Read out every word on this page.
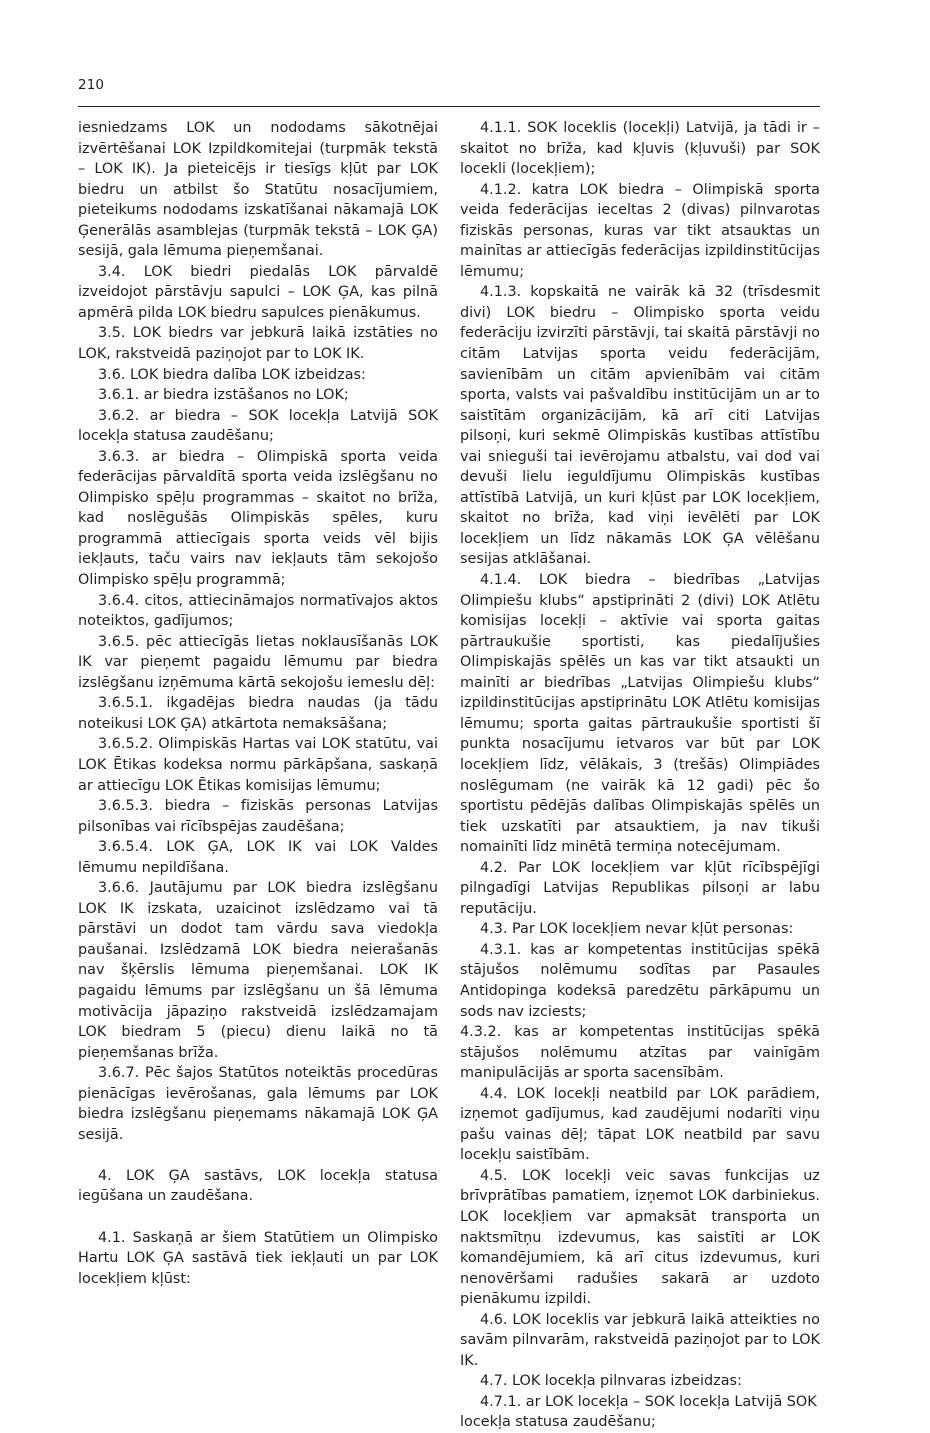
210

iesniedzams LOK un nododams sākotnējai izvērtēšanai LOK Izpildkomitejai (turpmāk tekstā – LOK IK). Ja pieteicējs ir tiesīgs kļūt par LOK biedru un atbilst šo Statūtu nosacījumiem, pieteikums nododams izskatīšanai nākamajā LOK Ģenerālās asamblejas (turpmāk tekstā – LOK ĢA) sesijā, gala lēmuma pieņemšanai.

3.4. LOK biedri piedalās LOK pārvaldē izveidojot pārstāvju sapulci – LOK ĢA, kas pilnā apmērā pilda LOK biedru sapulces pienākumus.

3.5. LOK biedrs var jebkurā laikā izstāties no LOK, rakstveidā paziņojot par to LOK IK.

3.6. LOK biedra dalība LOK izbeidzas:

3.6.1. ar biedra izstāšanos no LOK;

3.6.2. ar biedra – SOK locekļa Latvijā SOK locekļa statusa zaudēšanu;

3.6.3. ar biedra – Olimpiskā sporta veida federācijas pārvaldītā sporta veida izslēgšanu no Olimpisko spēļu programmas – skaitot no brīža, kad noslēgušās Olimpiskās spēles, kuru programmā attiecīgais sporta veids vēl bijis iekļauts, taču vairs nav iekļauts tām sekojošo Olimpisko spēļu programmā;

3.6.4. citos, attiecināmajos normatīvajos aktos noteiktos, gadījumos;

3.6.5. pēc attiecīgās lietas noklausīšanās LOK IK var pieņemt pagaidu lēmumu par biedra izslēgšanu izņēmuma kārtā sekojošu iemeslu dēļ:

3.6.5.1. ikgadējas biedra naudas (ja tādu noteikusi LOK ĢA) atkārtota nemaksāšana;

3.6.5.2. Olimpiskās Hartas vai LOK statūtu, vai LOK Ētikas kodeksa normu pārkāpšana, saskaņā ar attiecīgu LOK Ētikas komisijas lēmumu;

3.6.5.3. biedra – fiziskās personas Latvijas pilsonības vai rīcībspējas zaudēšana;

3.6.5.4. LOK ĢA, LOK IK vai LOK Valdes lēmumu nepildīšana.

3.6.6. Jautājumu par LOK biedra izslēgšanu LOK IK izskata, uzaicinot izslēdzamo vai tā pārstāvi un dodot tam vārdu sava viedokļa paušanai. Izslēdzamā LOK biedra neierašanās nav šķērslis lēmuma pieņemšanai. LOK IK pagaidu lēmums par izslēgšanu un šā lēmuma motivācija jāpaziņo rakstveidā izslēdzamajam LOK biedram 5 (piecu) dienu laikā no tā pieņemšanas brīža.

3.6.7. Pēc šajos Statūtos noteiktās procedūras pienācīgas ievērošanas, gala lēmums par LOK biedra izslēgšanu pieņemams nākamajā LOK ĢA sesijā.

4. LOK ĢA sastāvs, LOK locekļa statusa iegūšana un zaudēšana.

4.1. Saskaņā ar šiem Statūtiem un Olimpisko Hartu LOK ĢA sastāvā tiek iekļauti un par LOK locekļiem kļūst:

4.1.1. SOK loceklis (locekļi) Latvijā, ja tādi ir – skaitot no brīža, kad kļuvis (kļuvuši) par SOK locekli (locekļiem);

4.1.2. katra LOK biedra – Olimpiskā sporta veida federācijas ieceltas 2 (divas) pilnvarotas fiziskās personas, kuras var tikt atsauktas un mainītas ar attiecīgās federācijas izpildinstitūcijas lēmumu;

4.1.3. kopskaitā ne vairāk kā 32 (trīsdesmit divi) LOK biedru – Olimpisko sporta veidu federāciju izvirzīti pārstāvji, tai skaitā pārstāvji no citām Latvijas sporta veidu federācijām, savienībām un citām apvienībām vai citām sporta, valsts vai pašvaldību institūcijām un ar to saistītām organizācijām, kā arī citi Latvijas pilsoņi, kuri sekmē Olimpiskās kustības attīstību vai snieguši tai ievērojamu atbalstu, vai dod vai devuši lielu ieguldījumu Olimpiskās kustības attīstībā Latvijā, un kuri kļūst par LOK locekļiem, skaitot no brīža, kad viņi ievēlēti par LOK locekļiem un līdz nākamās LOK ĢA vēlēšanu sesijas atklāšanai.

4.1.4. LOK biedra – biedrības „Latvijas Olimpiešu klubs“ apstiprināti 2 (divi) LOK Atlētu komisijas locekļi – aktīvie vai sporta gaitas pārtraukušie sportisti, kas piedalījušies Olimpiskajās spēlēs un kas var tikt atsaukti un mainīti ar biedrības „Latvijas Olimpiešu klubs“ izpildinstitūcijas apstiprinātu LOK Atlētu komisijas lēmumu; sporta gaitas pārtraukušie sportisti šī punkta nosacījumu ietvaros var būt par LOK locekļiem līdz, vēlākais, 3 (trešās) Olimpiādes noslēgumam (ne vairāk kā 12 gadi) pēc šo sportistu pēdējās dalības Olimpiskajās spēlēs un tiek uzskatīti par atsauktiem, ja nav tikuši nomainīti līdz minētā termiņa notecējumam.

4.2. Par LOK locekļiem var kļūt rīcībspējīgi pilngadīgi Latvijas Republikas pilsoņi ar labu reputāciju.

4.3. Par LOK locekļiem nevar kļūt personas:

4.3.1. kas ar kompetentas institūcijas spēkā stājušos nolēmumu sodītas par Pasaules Antidopinga kodeksā paredzētu pārkāpumu un sods nav izciests;

4.3.2. kas ar kompetentas institūcijas spēkā stājušos nolēmumu atzītas par vainīgām manipulācijās ar sporta sacensībām.

4.4. LOK locekļi neatbild par LOK parādiem, izņemot gadījumus, kad zaudējumi nodarīti viņu pašu vainas dēļ; tāpat LOK neatbild par savu locekļu saistībām.

4.5. LOK locekļi veic savas funkcijas uz brīvprātības pamatiem, izņemot LOK darbiniekus. LOK locekļiem var apmaksāt transporta un naktsmītņu izdevumus, kas saistīti ar LOK komandējumiem, kā arī citus izdevumus, kuri nenovēršami radušies sakarā ar uzdoto pienākumu izpildi.

4.6. LOK loceklis var jebkurā laikā atteikties no savām pilnvarām, rakstveidā paziņojot par to LOK IK.

4.7. LOK locekļa pilnvaras izbeidzas:

4.7.1. ar LOK locekļa – SOK locekļa Latvijā SOK locekļa statusa zaudēšanu;
